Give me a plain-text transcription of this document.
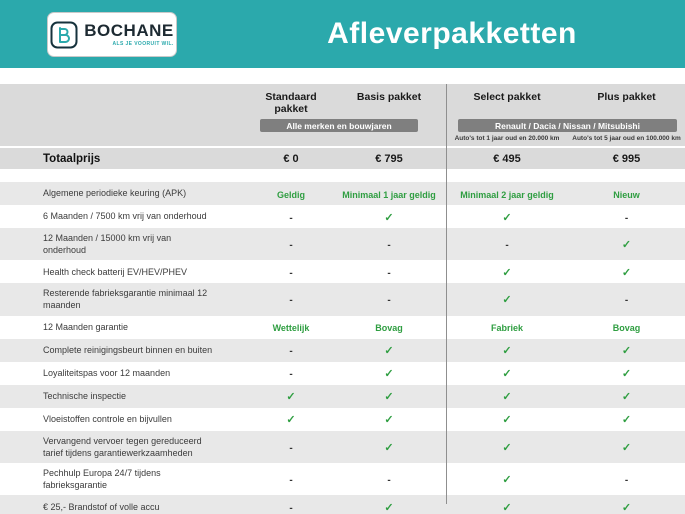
BOCHANE
ALS JE VOORUIT WIL.	Afleverpakketten
Standaard pakket
Basis pakket	Select pakket	Plus pakket
Alle merken en bouwjaren	Renault / Dacia / Nissan / Mitsubishi
Auto's tot 1 jaar oud en 20.000 km	Auto's tot 5 jaar oud en 100.000 km
Totaalprijs	€ 0	€ 795	€ 495	€ 995
Algemene periodieke keuring (APK)	Geldig	Minimaal 1 jaar geldig	Minimaal 2 jaar geldig	Nieuw
6 Maanden / 7500 km vrij van onderhoud	-	✓	✓	-
12 Maanden / 15000 km vrij van onderhoud	-	-	-	✓
Health check batterij EV/HEV/PHEV	-	-	✓	✓
Resterende fabrieksgarantie minimaal 12 maanden	-	-	✓	-
12 Maanden garantie	Wettelijk	Bovag	Fabriek	Bovag
Complete reinigingsbeurt binnen en buiten	-	✓	✓	✓
Loyaliteitspas voor 12 maanden	-	✓	✓	✓
Technische inspectie	✓	✓	✓	✓
Vloeistoffen controle en bijvullen	✓	✓	✓	✓
Vervangend vervoer tegen gereduceerd tarief tijdens garantiewerkzaamheden	-	✓	✓	✓
Pechhulp Europa 24/7 tijdens fabrieksgarantie	-	-	✓	-
€ 25,- Brandstof of volle accu	-	✓	✓	✓
